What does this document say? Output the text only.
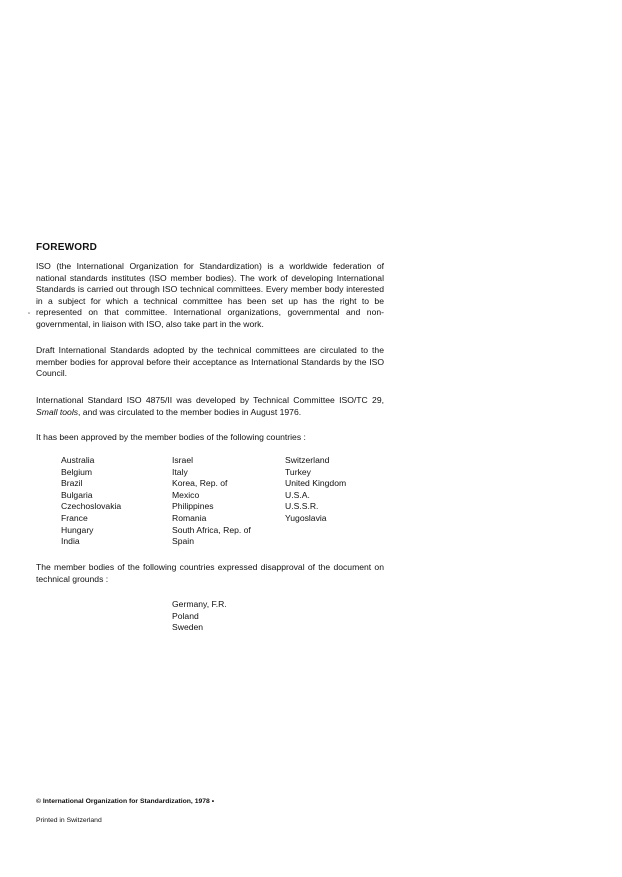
FOREWORD

ISO (the International Organization for Standardization) is a worldwide federation of national standards institutes (ISO member bodies). The work of developing International Standards is carried out through ISO technical committees. Every member body interested in a subject for which a technical committee has been set up has the right to be represented on that committee. International organizations, governmental and non-governmental, in liaison with ISO, also take part in the work.

˘

Draft International Standards adopted by the technical committees are circulated to the member bodies for approval before their acceptance as International Standards by the ISO Council.

International Standard ISO 4875/II was developed by Technical Committee ISO/TC 29, Small tools, and was circulated to the member bodies in August 1976.

It has been approved by the member bodies of the following countries :

Australia
Belgium
Brazil
Bulgaria
Czechoslovakia
France
Hungary
India
Israel
Italy
Korea, Rep. of
Mexico
Philippines
Romania
South Africa, Rep. of
Spain
Switzerland
Turkey
United Kingdom
U.S.A.
U.S.S.R.
Yugoslavia

The member bodies of the following countries expressed disapproval of the document on technical grounds :

Germany, F.R.
Poland
Sweden
© International Organization for Standardization, 1978 •
Printed in Switzerland
